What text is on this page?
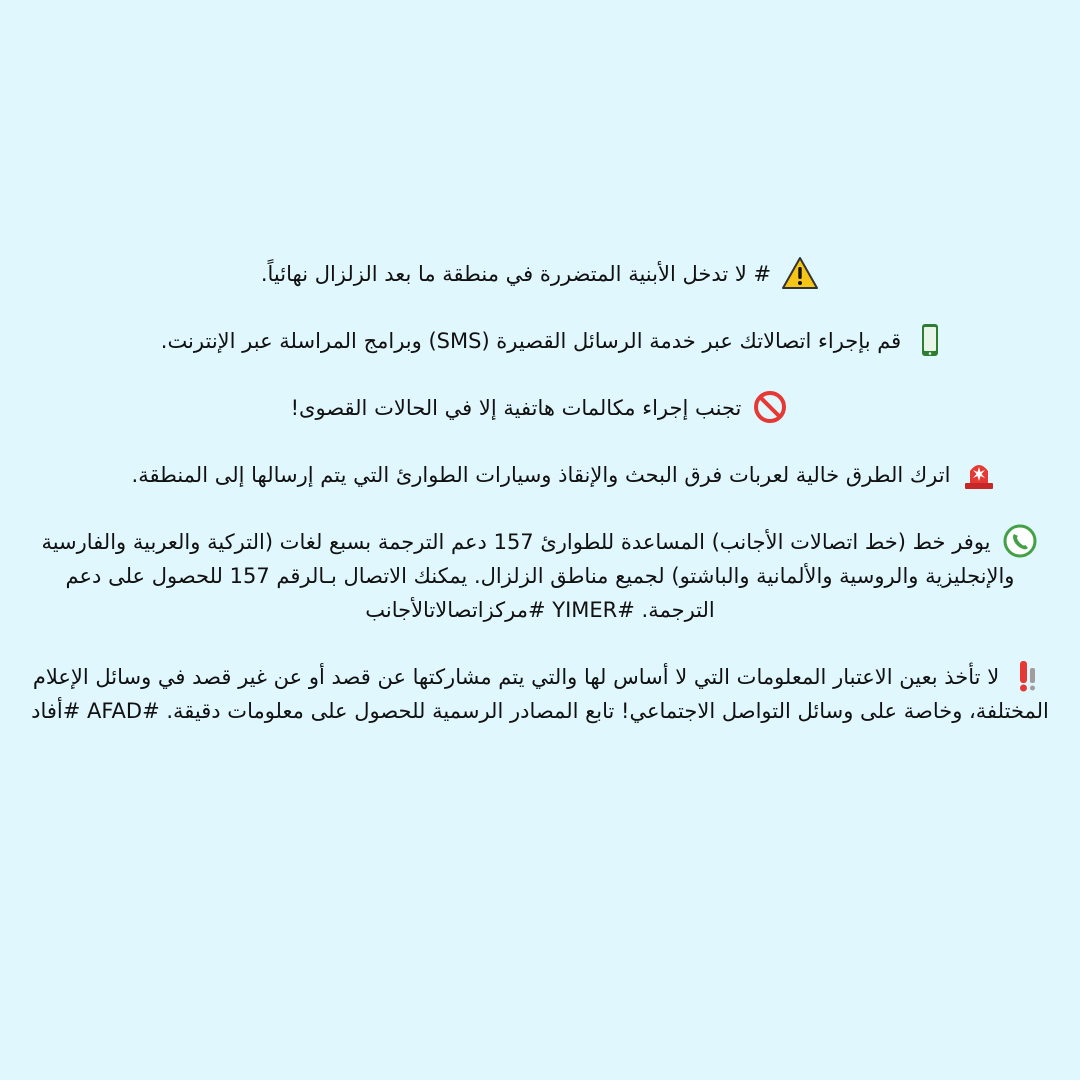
# لا تدخل الأبنية المتضررة في منطقة ما بعد الزلزال نهائياً.

قم بإجراء اتصالاتك عبر خدمة الرسائل القصيرة (SMS) وبرامج المراسلة عبر الإنترنت.

تجنب إجراء مكالمات هاتفية إلا في الحالات القصوى!

اترك الطرق خالية لعربات فرق البحث والإنقاذ وسيارات الطوارئ التي يتم إرسالها إلى المنطقة.

يوفر خط (خط اتصالات الأجانب) المساعدة للطوارئ 157 دعم الترجمة بسبع لغات (التركية والعربية والفارسية والإنجليزية والروسية والألمانية والباشتو) لجميع مناطق الزلزال. يمكنك الاتصال بـالرقم 157 للحصول على دعم الترجمة. #YIMER #مركزاتصالاتالأجانب

لا تأخذ بعين الاعتبار المعلومات التي لا أساس لها والتي يتم مشاركتها عن قصد أو عن غير قصد في وسائل الإعلام المختلفة، وخاصة على وسائل التواصل الاجتماعي! تابع المصادر الرسمية للحصول على معلومات دقيقة. #AFAD #أفاد
